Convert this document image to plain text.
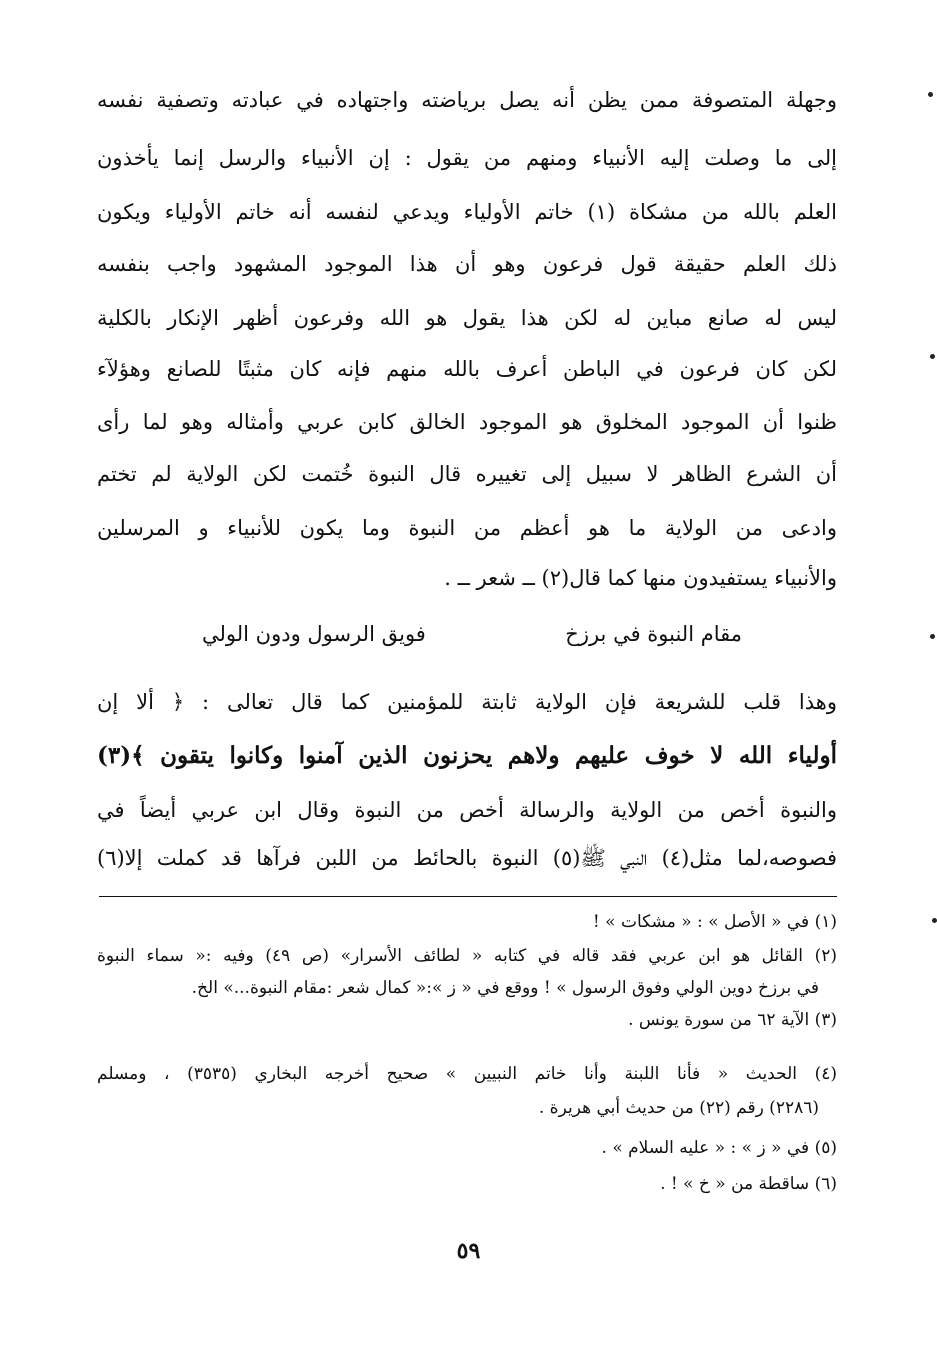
وجهلة المتصوفة ممن يظن أنه يصل برياضته واجتهاده في عبادته وتصفية نفسه
إلى ما وصلت إليه الأنبياء ومنهم من يقول : إن الأنبياء والرسل إنما يأخذون
العلم بالله من مشكاة (١) خاتم الأولياء ويدعي لنفسه أنه خاتم الأولياء ويكون
ذلك العلم حقيقة قول فرعون وهو أن هذا الموجود المشهود واجب بنفسه
ليس له صانع مباين له لكن هذا يقول هو الله وفرعون أظهر الإنكار بالكلية
لكن كان فرعون في الباطن أعرف بالله منهم فإنه كان مثبتًا للصانع وهؤلآء
ظنوا أن الموجود المخلوق هو الموجود الخالق كابن عربي وأمثاله وهو لما رأى
أن الشرع الظاهر لا سبيل إلى تغييره قال النبوة خُتمت لكن الولاية لم تختم
وادعى من الولاية ما هو أعظم من النبوة وما يكون للأنبياء و المرسلين
والأنبياء يستفيدون منها كما قال(٢) ــ شعر ــ .
مقام النبوة في برزخ
فويق الرسول ودون الولي
وهذا قلب للشريعة فإن الولاية ثابتة للمؤمنين كما قال تعالى : ﴿ ألا إن
أولياء الله لا خوف عليهم ولاهم يحزنون الذين آمنوا وكانوا يتقون ﴾(٣)
والنبوة أخص من الولاية والرسالة أخص من النبوة وقال ابن عربي أيضاً في
فصوصه،لما مثل(٤) النبي ﷺ(٥) النبوة بالحائط من اللبن فرآها قد كملت إلا(٦)
(١) في « الأصل » : « مشكات » !
(٢) القائل هو ابن عربي فقد قاله في كتابه « لطائف الأسرار» (ص ٤٩) وفيه :« سماء النبوة
في برزخ دوين الولي وفوق الرسول » ! ووقع في « ز »:« كمال شعر :مقام النبوة...» الخ.
(٣) الآية ٦٢ من سورة يونس .
(٤) الحديث « فأنا اللبنة وأنا خاتم النبيين » صحيح أخرجه البخاري (٣٥٣٥) ، ومسلم
(٢٢٨٦) رقم (٢٢) من حديث أبي هريرة .
(٥) في « ز » : « عليه السلام » .
(٦) ساقطة من « خ » ! .
٥٩
